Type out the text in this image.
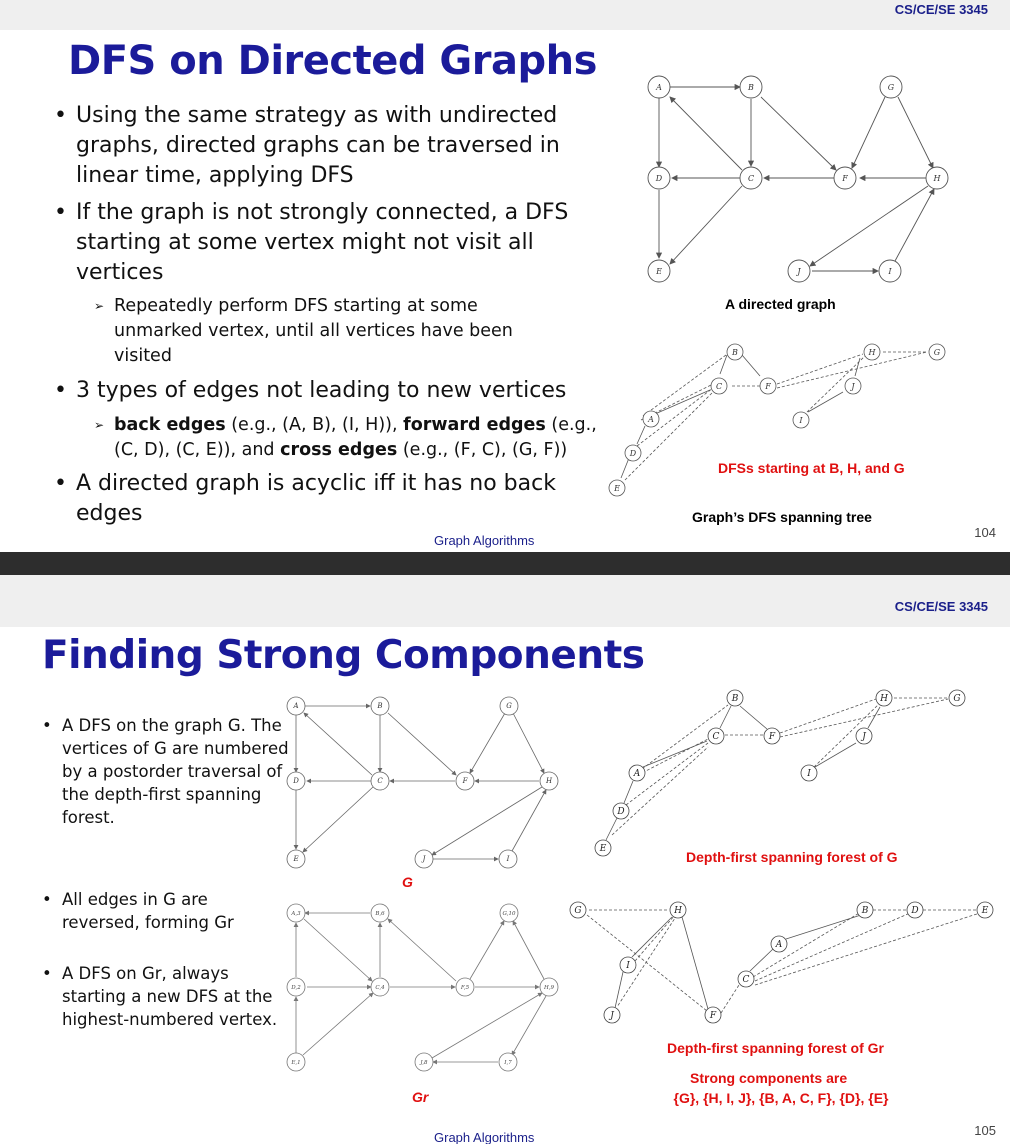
CS/CE/SE 3345
DFS on Directed Graphs
• Using the same strategy as with undirected graphs, directed graphs can be traversed in linear time, applying DFS
• If the graph is not strongly connected, a DFS starting at some vertex might not visit all vertices
➢ Repeatedly perform DFS starting at some unmarked vertex, until all vertices have been visited
• 3 types of edges not leading to new vertices
➢ back edges (e.g., (A, B), (I, H)), forward edges (e.g., (C, D), (C, E)), and cross edges (e.g., (F, C), (G, F))
• A directed graph is acyclic iff it has no back edges
A	B	G
D	C	F	H
E	J	I
A directed graph
B
C	F
A
D
E
H	G
J
I
DFSs starting at B, H, and G
Graph’s DFS spanning tree
Graph Algorithms
104
CS/CE/SE 3345
Finding Strong Components
• A DFS on the graph G. The vertices of G are numbered by a postorder traversal of the depth-first spanning forest.
• All edges in G are reversed, forming Gr
• A DFS on Gr, always starting a new DFS at the highest-numbered vertex.
A	B	G
D	C	F	H
E	J	I
G
A,3	B,6	G,10
D,2	C,4	F,5	H,9
E,1	J,8	I,7
Gr
B
C	F
A
D
E
H	G
J
I
Depth-first spanning forest of G
G	H
I
J	F
B	D	E
A
C
Depth-first spanning forest of Gr
Strong components are
{G}, {H, I, J}, {B, A, C, F}, {D}, {E}
Graph Algorithms	105
